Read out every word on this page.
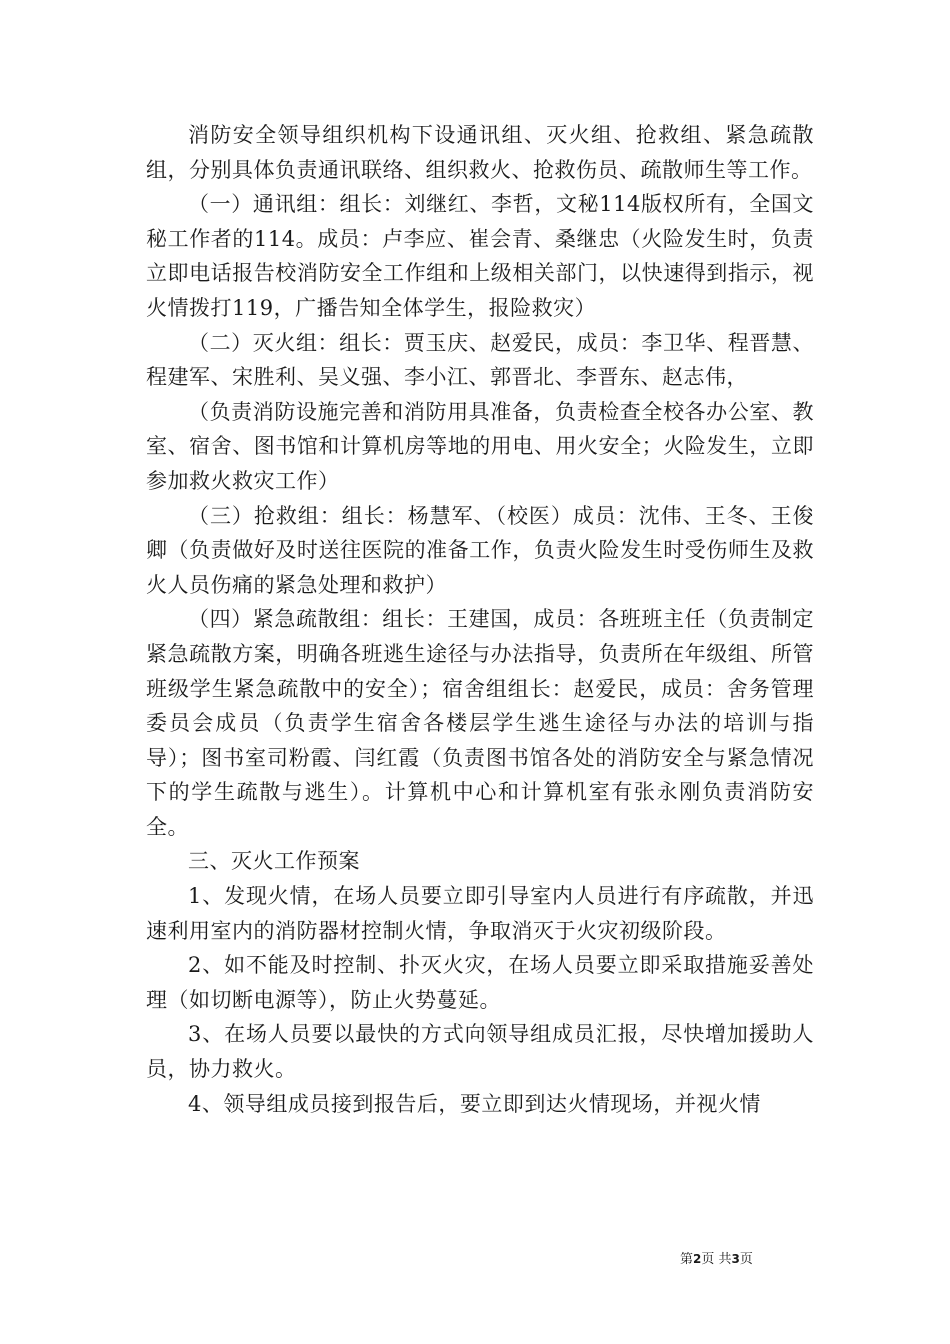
消防安全领导组织机构下设通讯组、灭火组、抢救组、紧急疏散组，分别具体负责通讯联络、组织救火、抢救伤员、疏散师生等工作。

（一）通讯组：组长：刘继红、李哲，文秘114版权所有，全国文秘工作者的114。成员：卢李应、崔会青、桑继忠（火险发生时，负责立即电话报告校消防安全工作组和上级相关部门，以快速得到指示，视火情拨打119，广播告知全体学生，报险救灾）

（二）灭火组：组长：贾玉庆、赵爱民，成员：李卫华、程晋慧、程建军、宋胜利、吴义强、李小江、郭晋北、李晋东、赵志伟，

（负责消防设施完善和消防用具准备，负责检查全校各办公室、教室、宿舍、图书馆和计算机房等地的用电、用火安全；火险发生，立即参加救火救灾工作）

（三）抢救组：组长：杨慧军、（校医）成员：沈伟、王冬、王俊卿（负责做好及时送往医院的准备工作，负责火险发生时受伤师生及救火人员伤痛的紧急处理和救护）

（四）紧急疏散组：组长：王建国，成员：各班班主任（负责制定紧急疏散方案，明确各班逃生途径与办法指导，负责所在年级组、所管班级学生紧急疏散中的安全）；宿舍组组长：赵爱民，成员：舍务管理委员会成员（负责学生宿舍各楼层学生逃生途径与办法的培训与指导）；图书室司粉霞、闫红霞（负责图书馆各处的消防安全与紧急情况下的学生疏散与逃生）。计算机中心和计算机室有张永刚负责消防安全。

三、灭火工作预案

1、发现火情，在场人员要立即引导室内人员进行有序疏散，并迅速利用室内的消防器材控制火情，争取消灭于火灾初级阶段。

2、如不能及时控制、扑灭火灾，在场人员要立即采取措施妥善处理（如切断电源等），防止火势蔓延。

3、在场人员要以最快的方式向领导组成员汇报，尽快增加援助人员，协力救火。

4、领导组成员接到报告后，要立即到达火情现场，并视火情

第2页 共3页
